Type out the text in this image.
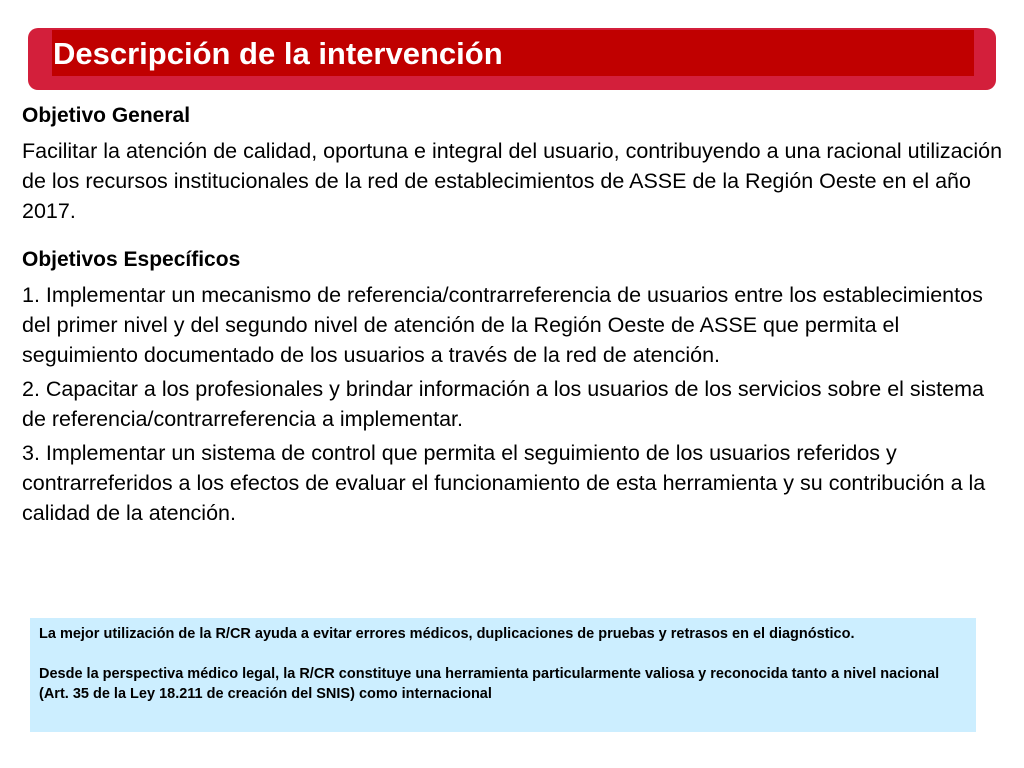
Descripción de la intervención

Objetivo General

Facilitar la atención de calidad, oportuna e integral del usuario, contribuyendo a una racional utilización de los recursos institucionales de la red de establecimientos de ASSE de la Región Oeste en el año 2017.

Objetivos Específicos

1. Implementar un mecanismo de referencia/contrarreferencia de usuarios entre los establecimientos del primer nivel y del segundo nivel de atención de la Región Oeste de ASSE que permita el seguimiento documentado de los usuarios a través de la red de atención.

2. Capacitar a los profesionales y brindar información a los usuarios de los servicios sobre el sistema de referencia/contrarreferencia a implementar.

3. Implementar un sistema de control que permita el seguimiento de los usuarios referidos y contrarreferidos a los efectos de evaluar el funcionamiento de esta herramienta y su contribución a la calidad de la atención.

La mejor utilización de la R/CR ayuda a evitar errores médicos, duplicaciones de pruebas y retrasos en el diagnóstico.

Desde la perspectiva médico legal, la R/CR constituye una herramienta particularmente valiosa y reconocida tanto a nivel nacional (Art. 35 de la Ley 18.211 de creación del SNIS) como internacional
